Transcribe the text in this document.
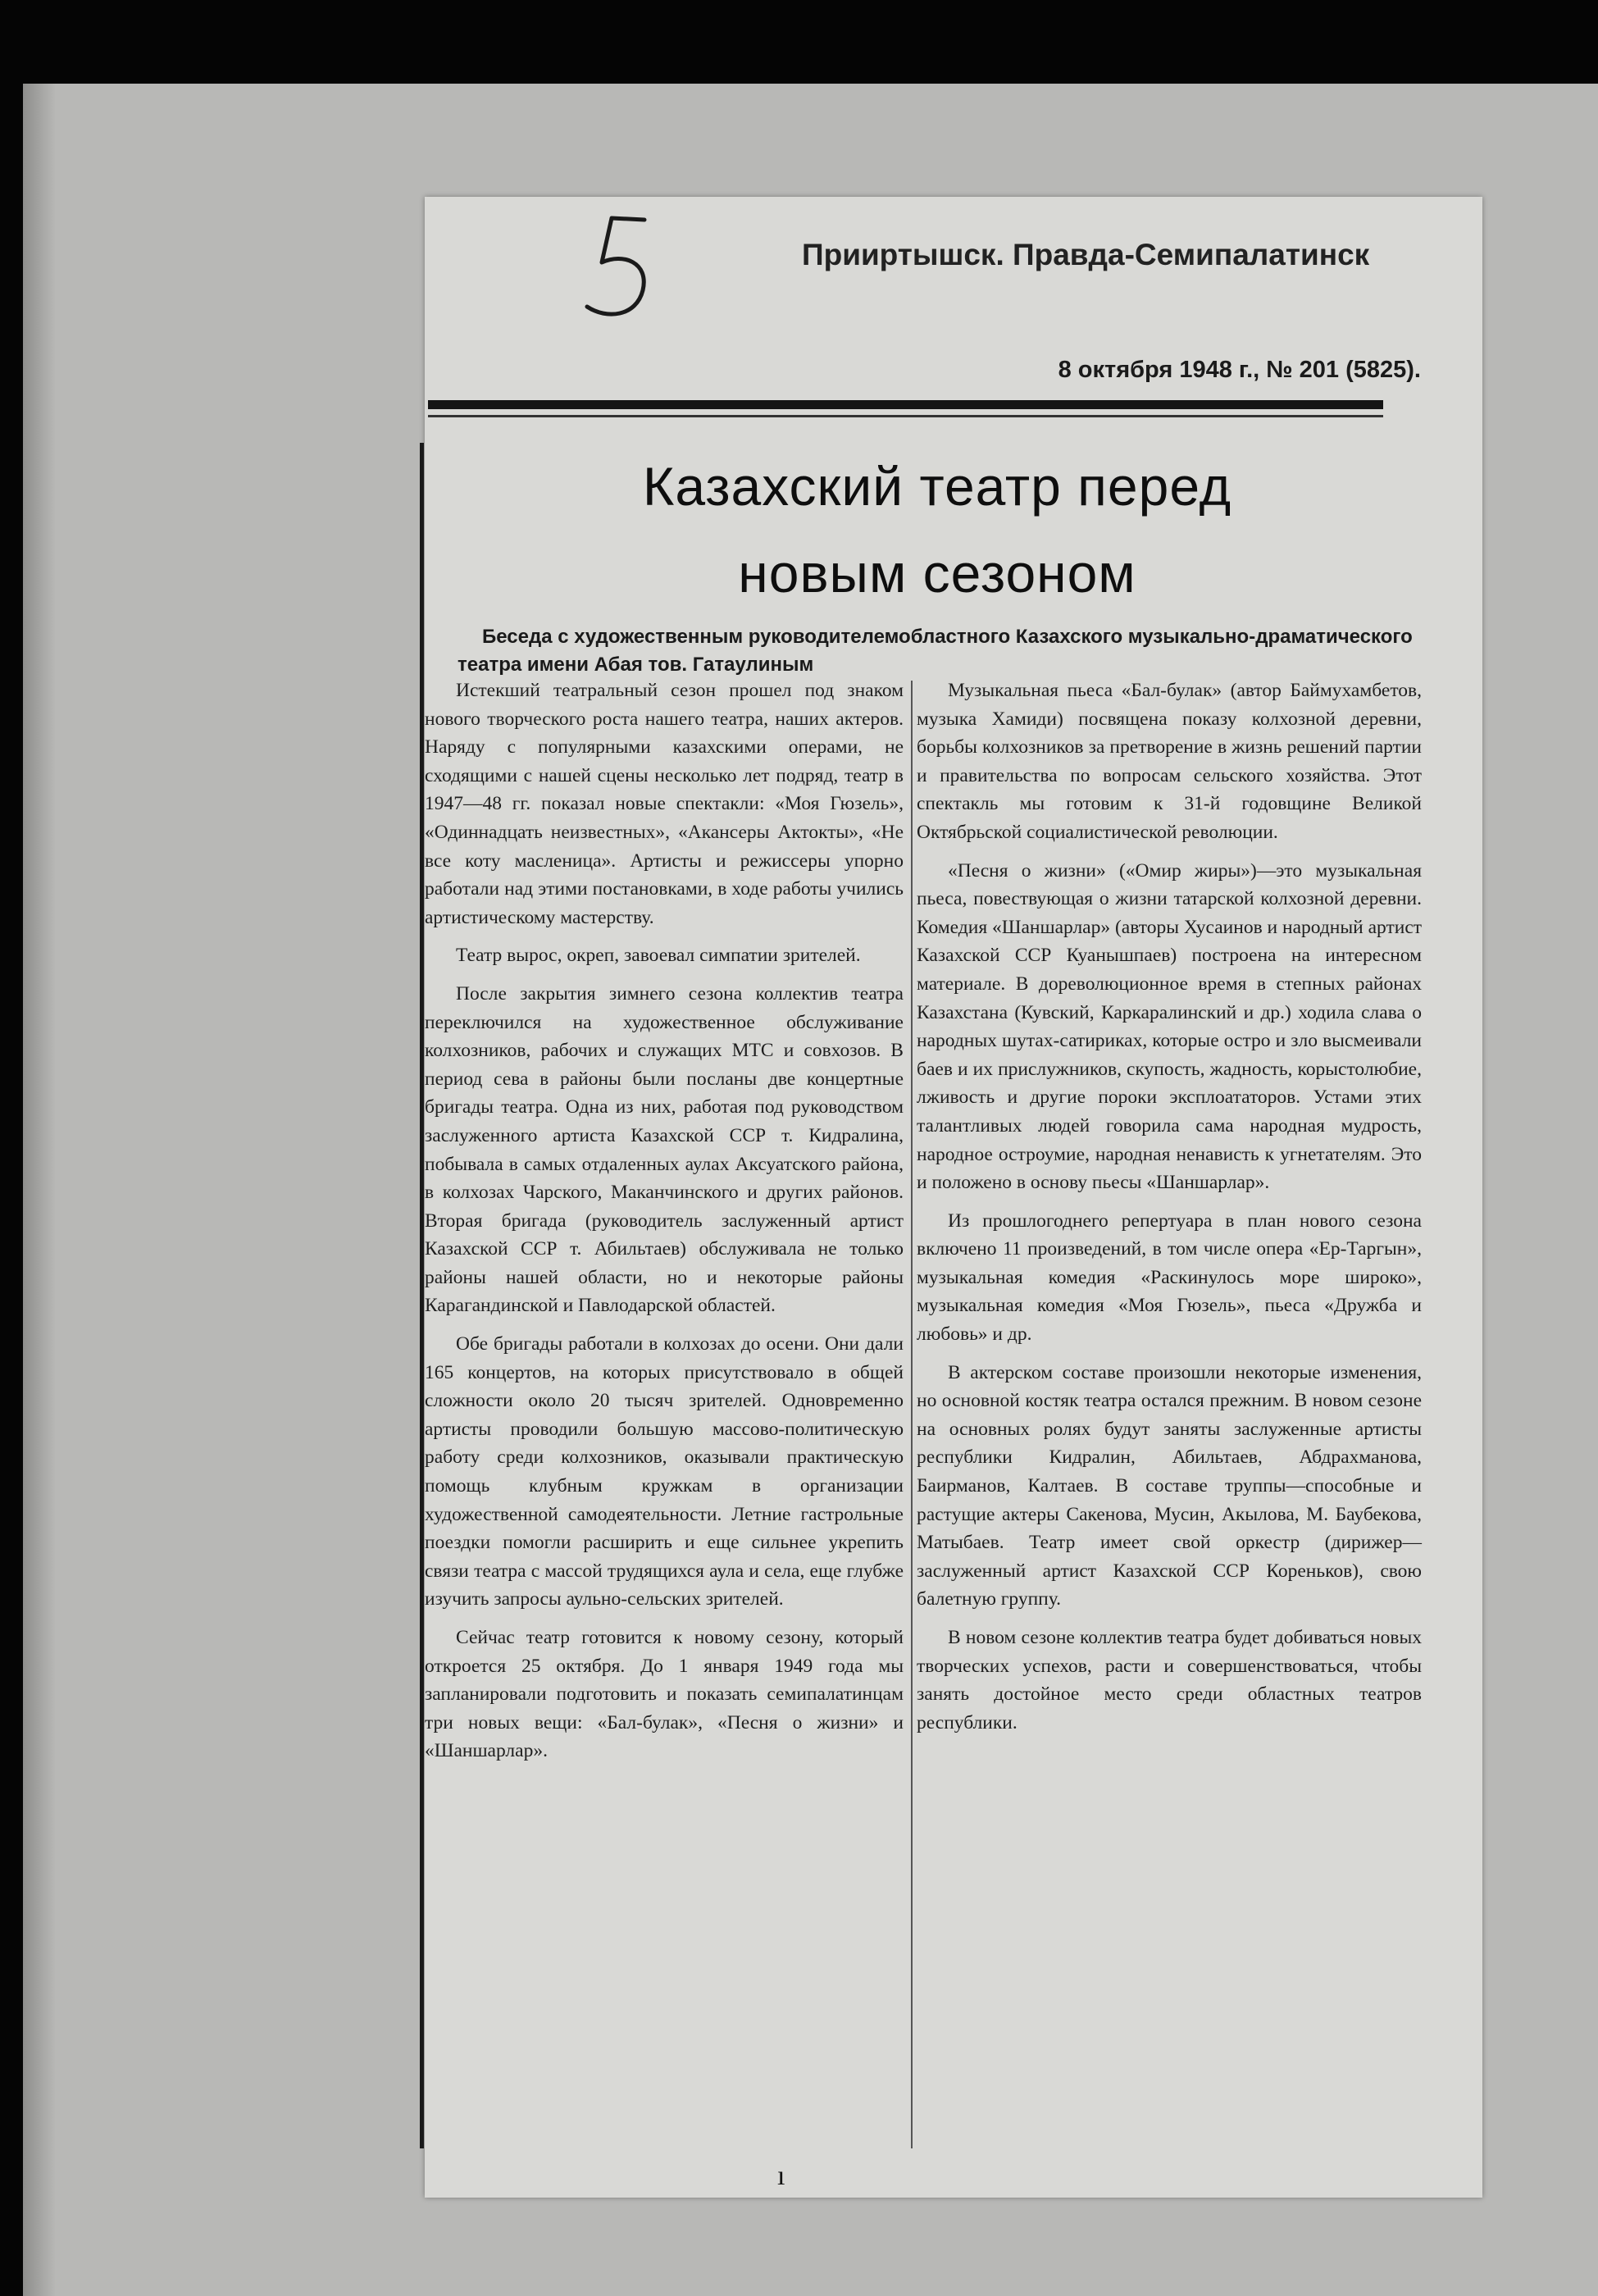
Прииртышск. Правда-Семипалатинск
8 октября 1948 г., № 201 (5825).
Казахский театр перед
новым сезоном
Беседа с художественным руководителемобластного Казахского музыкально-драматического театра имени Абая тов. Гатаулиным

Истекший театральный сезон прошел под знаком нового творческого роста нашего театра, наших актеров. Наряду с популярными казахскими операми, не сходящими с нашей сцены несколько лет подряд, театр в 1947—48 гг. показал новые спектакли: «Моя Гюзель», «Одиннадцать неизвестных», «Акансеры Актокты», «Не все коту масленица». Артисты и режиссеры упорно работали над этими постановками, в ходе работы учились артистическому мастерству.

Театр вырос, окреп, завоевал симпатии зрителей.

После закрытия зимнего сезона коллектив театра переключился на художественное обслуживание колхозников, рабочих и служащих МТС и совхозов. В период сева в районы были посланы две концертные бригады театра. Одна из них, работая под руководством заслуженного артиста Казахской ССР т. Кидралина, побывала в самых отдаленных аулах Аксуатского района, в колхозах Чарского, Маканчинского и других районов. Вторая бригада (руководитель заслуженный артист Казахской ССР т. Абильтаев) обслуживала не только районы нашей области, но и некоторые районы Карагандинской и Павлодарской областей.

Обе бригады работали в колхозах до осени. Они дали 165 концертов, на которых присутствовало в общей сложности около 20 тысяч зрителей. Одновременно артисты проводили большую массово-политическую работу среди колхозников, оказывали практическую помощь клубным кружкам в организации художественной самодеятельности. Летние гастрольные поездки помогли расширить и еще сильнее укрепить связи театра с массой трудящихся аула и села, еще глубже изучить запросы аульно-сельских зрителей.

Сейчас театр готовится к новому сезону, который откроется 25 октября. До 1 января 1949 года мы запланировали подготовить и показать семипалатинцам три новых вещи: «Бал-булак», «Песня о жизни» и «Шаншарлар».

Музыкальная пьеса «Бал-булак» (автор Баймухамбетов, музыка Хамиди) посвящена показу колхозной деревни, борьбы колхозников за претворение в жизнь решений партии и правительства по вопросам сельского хозяйства. Этот спектакль мы готовим к 31-й годовщине Великой Октябрьской социалистической революции.

«Песня о жизни» («Омир жиры»)—это музыкальная пьеса, повествующая о жизни татарской колхозной деревни. Комедия «Шаншарлар» (авторы Хусаинов и народный артист Казахской ССР Куанышпаев) построена на интересном материале. В дореволюционное время в степных районах Казахстана (Кувский, Каркаралинский и др.) ходила слава о народных шутах-сатириках, которые остро и зло высмеивали баев и их прислужников, скупость, жадность, корыстолюбие, лживость и другие пороки эксплоататоров. Устами этих талантливых людей говорила сама народная мудрость, народное остроумие, народная ненависть к угнетателям. Это и положено в основу пьесы «Шаншарлар».

Из прошлогоднего репертуара в план нового сезона включено 11 произведений, в том числе опера «Ер-Таргын», музыкальная комедия «Раскинулось море широко», музыкальная комедия «Моя Гюзель», пьеса «Дружба и любовь» и др.

В актерском составе произошли некоторые изменения, но основной костяк театра остался прежним. В новом сезоне на основных ролях будут заняты заслуженные артисты республики Кидралин, Абильтаев, Абдрахманова, Баирманов, Калтаев. В составе труппы—способные и растущие актеры Сакенова, Мусин, Акылова, М. Баубекова, Матыбаев. Театр имеет свой оркестр (дирижер—заслуженный артист Казахской ССР Кореньков), свою балетную группу.

В новом сезоне коллектив театра будет добиваться новых творческих успехов, расти и совершенствоваться, чтобы занять достойное место среди областных театров республики.

ı
